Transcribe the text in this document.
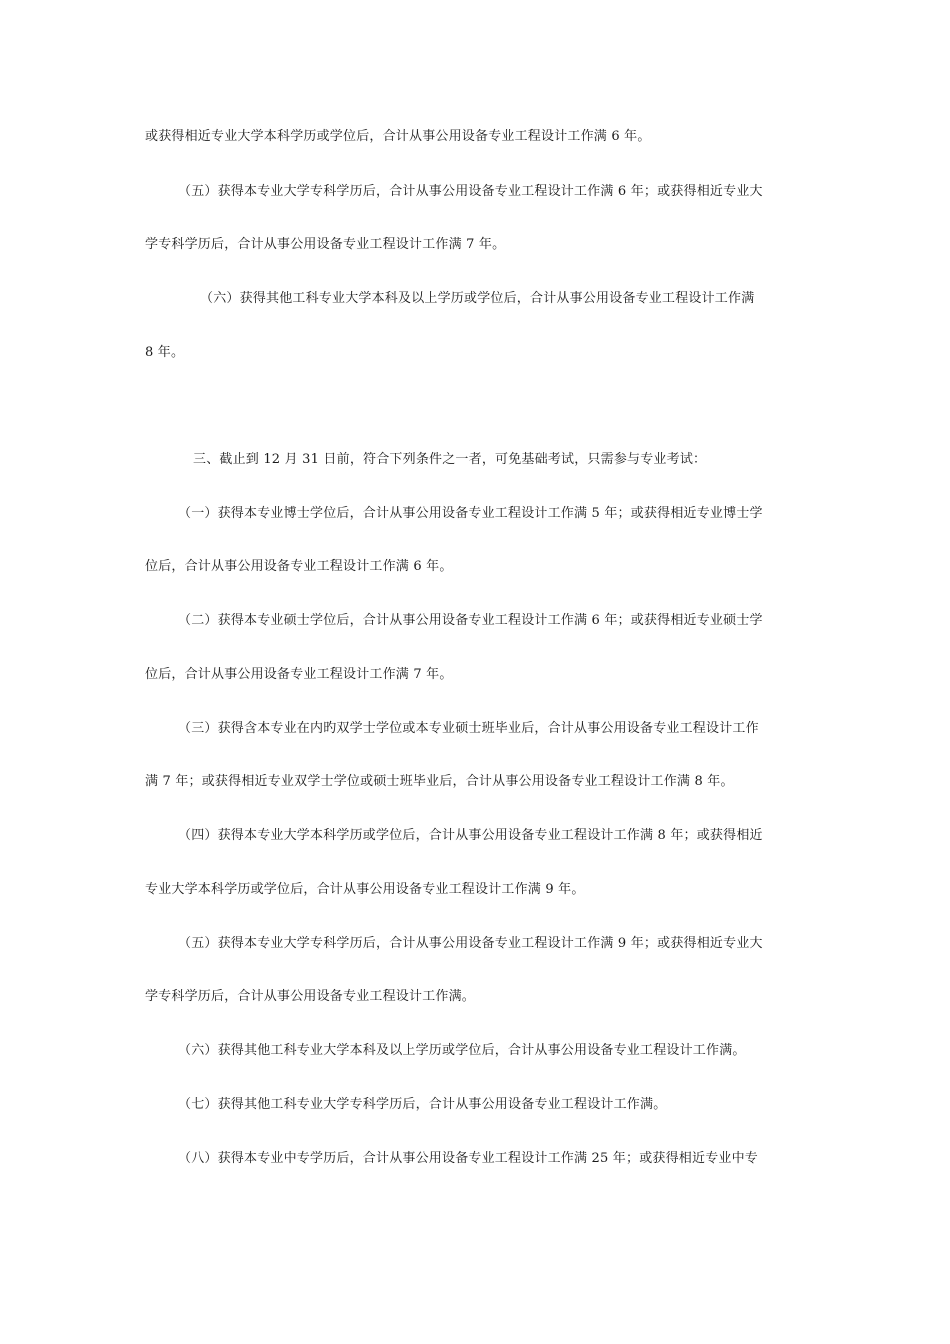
或获得相近专业大学本科学历或学位后，合计从事公用设备专业工程设计工作满 6 年。
（五）获得本专业大学专科学历后，合计从事公用设备专业工程设计工作满 6 年；或获得相近专业大
学专科学历后，合计从事公用设备专业工程设计工作满 7 年。
（六）获得其他工科专业大学本科及以上学历或学位后，合计从事公用设备专业工程设计工作满
8 年。
三、截止到 12 月 31 日前，符合下列条件之一者，可免基础考试，只需参与专业考试：
（一）获得本专业博士学位后，合计从事公用设备专业工程设计工作满 5 年；或获得相近专业博士学
位后，合计从事公用设备专业工程设计工作满 6 年。
（二）获得本专业硕士学位后，合计从事公用设备专业工程设计工作满 6 年；或获得相近专业硕士学
位后，合计从事公用设备专业工程设计工作满 7 年。
（三）获得含本专业在内旳双学士学位或本专业硕士班毕业后，合计从事公用设备专业工程设计工作
满 7 年；或获得相近专业双学士学位或硕士班毕业后，合计从事公用设备专业工程设计工作满 8 年。
（四）获得本专业大学本科学历或学位后，合计从事公用设备专业工程设计工作满 8 年；或获得相近
专业大学本科学历或学位后，合计从事公用设备专业工程设计工作满 9 年。
（五）获得本专业大学专科学历后，合计从事公用设备专业工程设计工作满 9 年；或获得相近专业大
学专科学历后，合计从事公用设备专业工程设计工作满。
（六）获得其他工科专业大学本科及以上学历或学位后，合计从事公用设备专业工程设计工作满。
（七）获得其他工科专业大学专科学历后，合计从事公用设备专业工程设计工作满。
（八）获得本专业中专学历后，合计从事公用设备专业工程设计工作满 25 年；或获得相近专业中专
